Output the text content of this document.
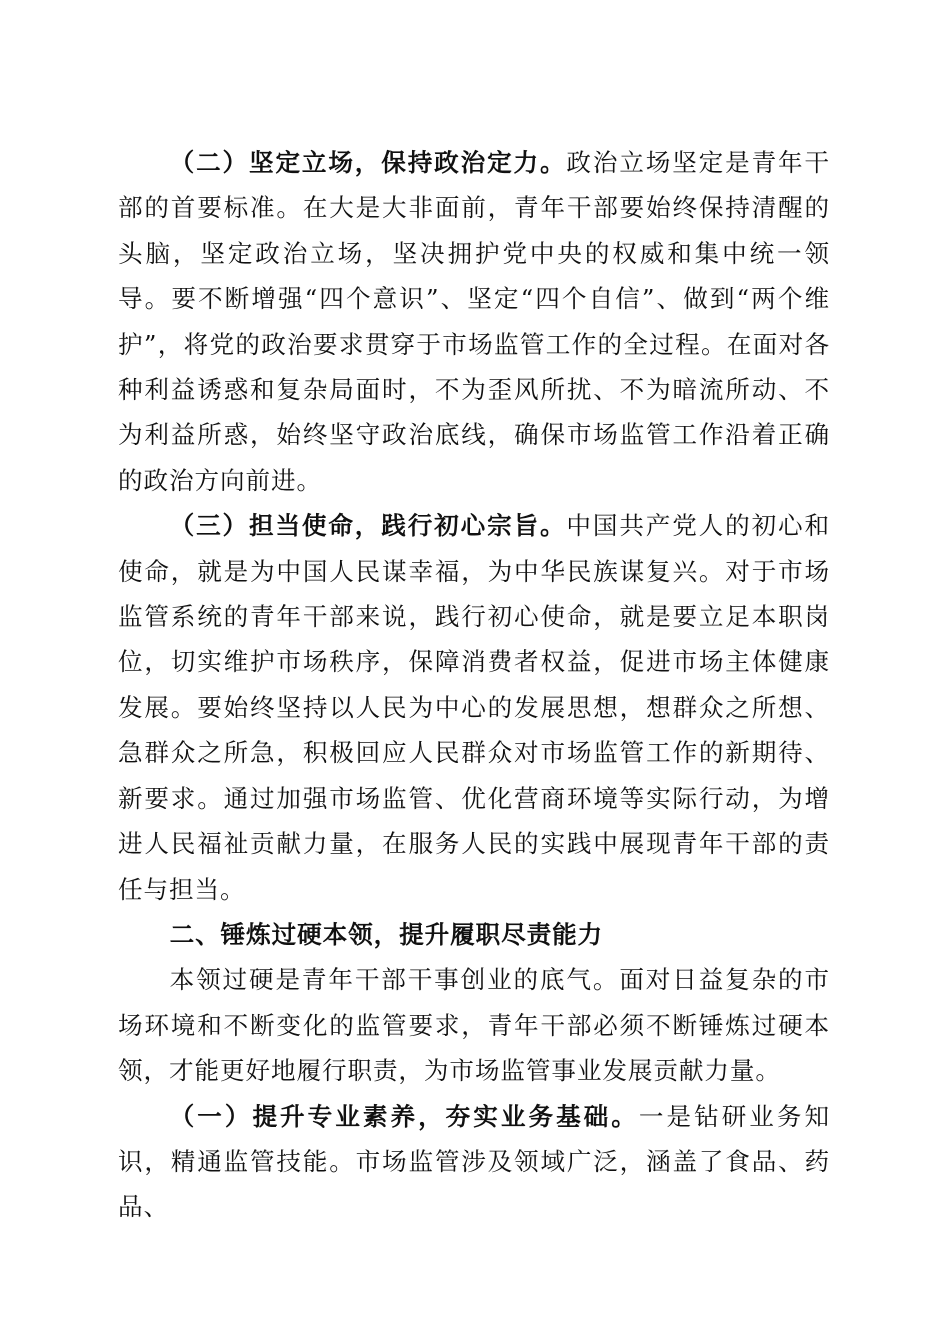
（二）坚定立场，保持政治定力。政治立场坚定是青年干部的首要标准。在大是大非面前，青年干部要始终保持清醒的头脑，坚定政治立场，坚决拥护党中央的权威和集中统一领导。要不断增强“四个意识”、坚定“四个自信”、做到“两个维护”，将党的政治要求贯穿于市场监管工作的全过程。在面对各种利益诱惑和复杂局面时，不为歪风所扰、不为暗流所动、不为利益所惑，始终坚守政治底线，确保市场监管工作沿着正确的政治方向前进。

（三）担当使命，践行初心宗旨。中国共产党人的初心和使命，就是为中国人民谋幸福，为中华民族谋复兴。对于市场监管系统的青年干部来说，践行初心使命，就是要立足本职岗位，切实维护市场秩序，保障消费者权益，促进市场主体健康发展。要始终坚持以人民为中心的发展思想，想群众之所想、急群众之所急，积极回应人民群众对市场监管工作的新期待、新要求。通过加强市场监管、优化营商环境等实际行动，为增进人民福祉贡献力量，在服务人民的实践中展现青年干部的责任与担当。

二、锤炼过硬本领，提升履职尽责能力

本领过硬是青年干部干事创业的底气。面对日益复杂的市场环境和不断变化的监管要求，青年干部必须不断锤炼过硬本领，才能更好地履行职责，为市场监管事业发展贡献力量。

（一）提升专业素养，夯实业务基础。一是钻研业务知识，精通监管技能。市场监管涉及领域广泛，涵盖了食品、药品、
